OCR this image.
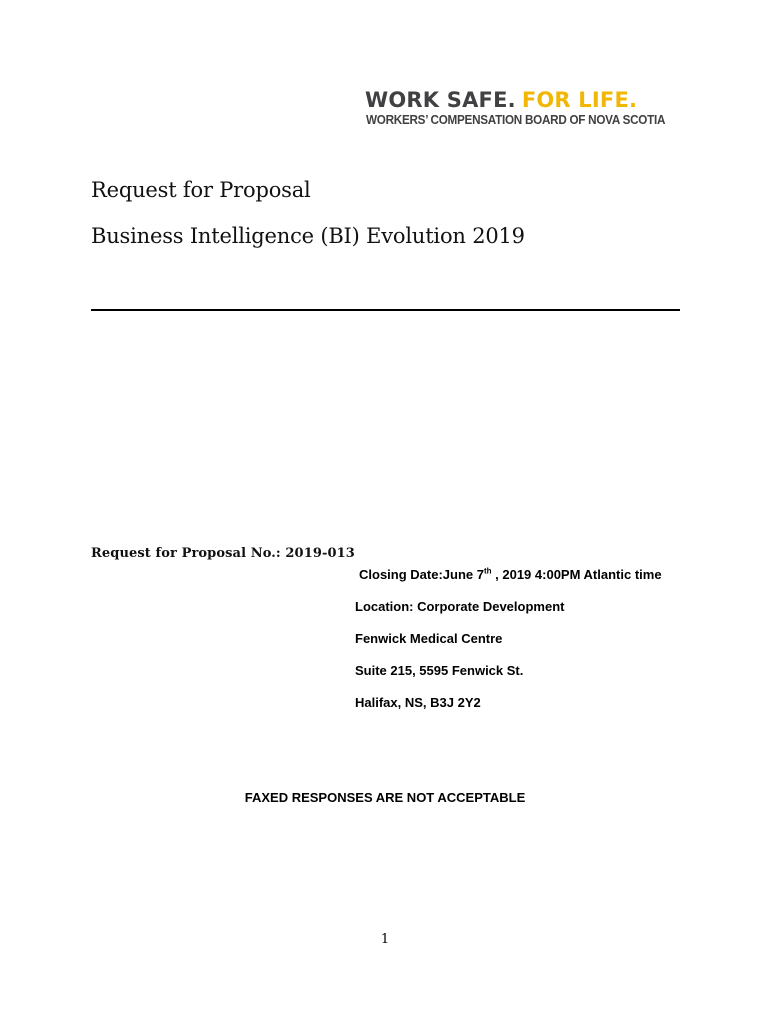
WORK SAFE. FOR LIFE.
WORKERS’ COMPENSATION BOARD OF NOVA SCOTIA
Request for Proposal
Business Intelligence (BI) Evolution 2019
Request for Proposal No.: 2019-013
Closing Date:June 7th , 2019 4:00PM Atlantic time
Location: Corporate Development
Fenwick Medical Centre
Suite 215, 5595 Fenwick St.
Halifax, NS, B3J 2Y2
FAXED RESPONSES ARE NOT ACCEPTABLE
1
